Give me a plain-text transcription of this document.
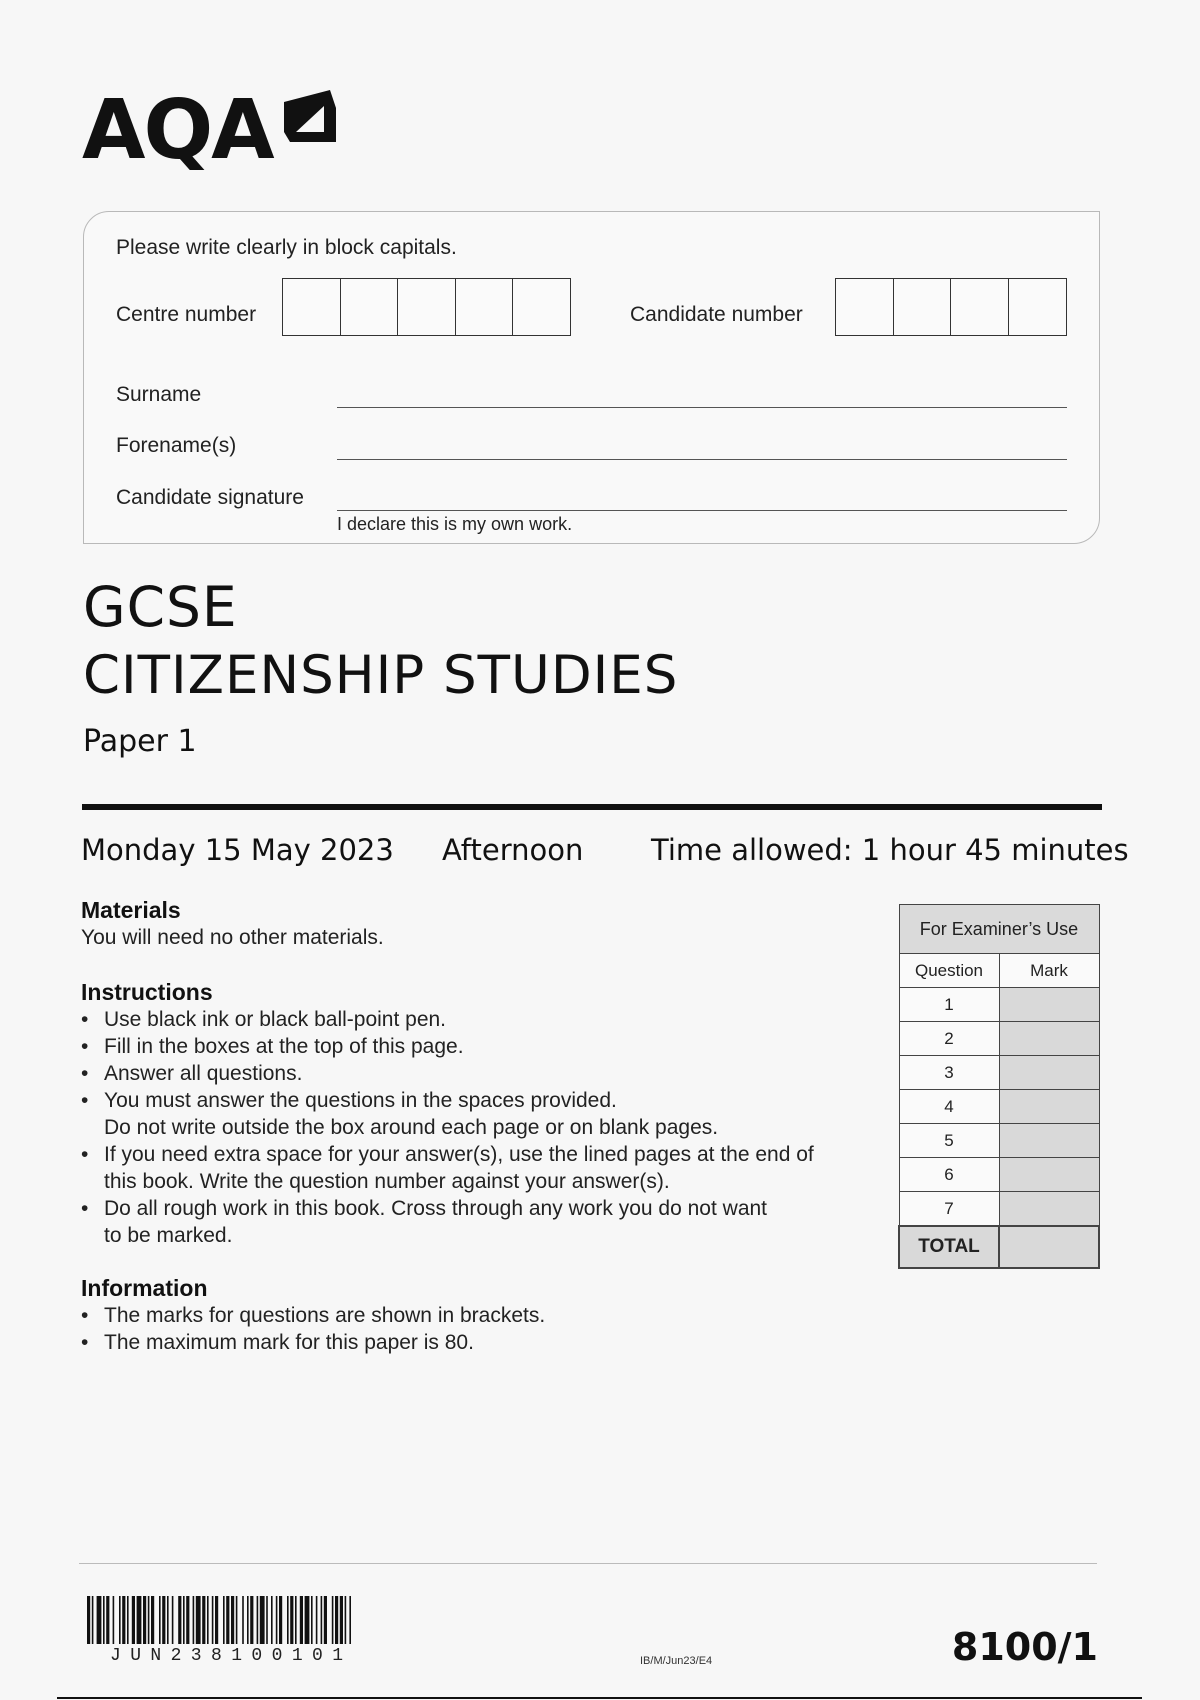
AQA
Please write clearly in block capitals.
Centre number	Candidate number
Surname
Forename(s)
Candidate signature
I declare this is my own work.
GCSE
CITIZENSHIP STUDIES
Paper 1
Monday 15 May 2023 Afternoon Time allowed: 1 hour 45 minutes
Materials
You will need no other materials.
Instructions
• Use black ink or black ball-point pen.
• Fill in the boxes at the top of this page.
• Answer all questions.
• You must answer the questions in the spaces provided.
Do not write outside the box around each page or on blank pages.
• If you need extra space for your answer(s), use the lined pages at the end of
this book. Write the question number against your answer(s).
• Do all rough work in this book. Cross through any work you do not want
to be marked.
Information
• The marks for questions are shown in brackets.
• The maximum mark for this paper is 80.
For Examiner’s Use	
Question	Mark
1	
2	
3	
4	
5	
6	
7	
TOTAL	
JUN238100101	IB/M/Jun23/E4	8100/1
